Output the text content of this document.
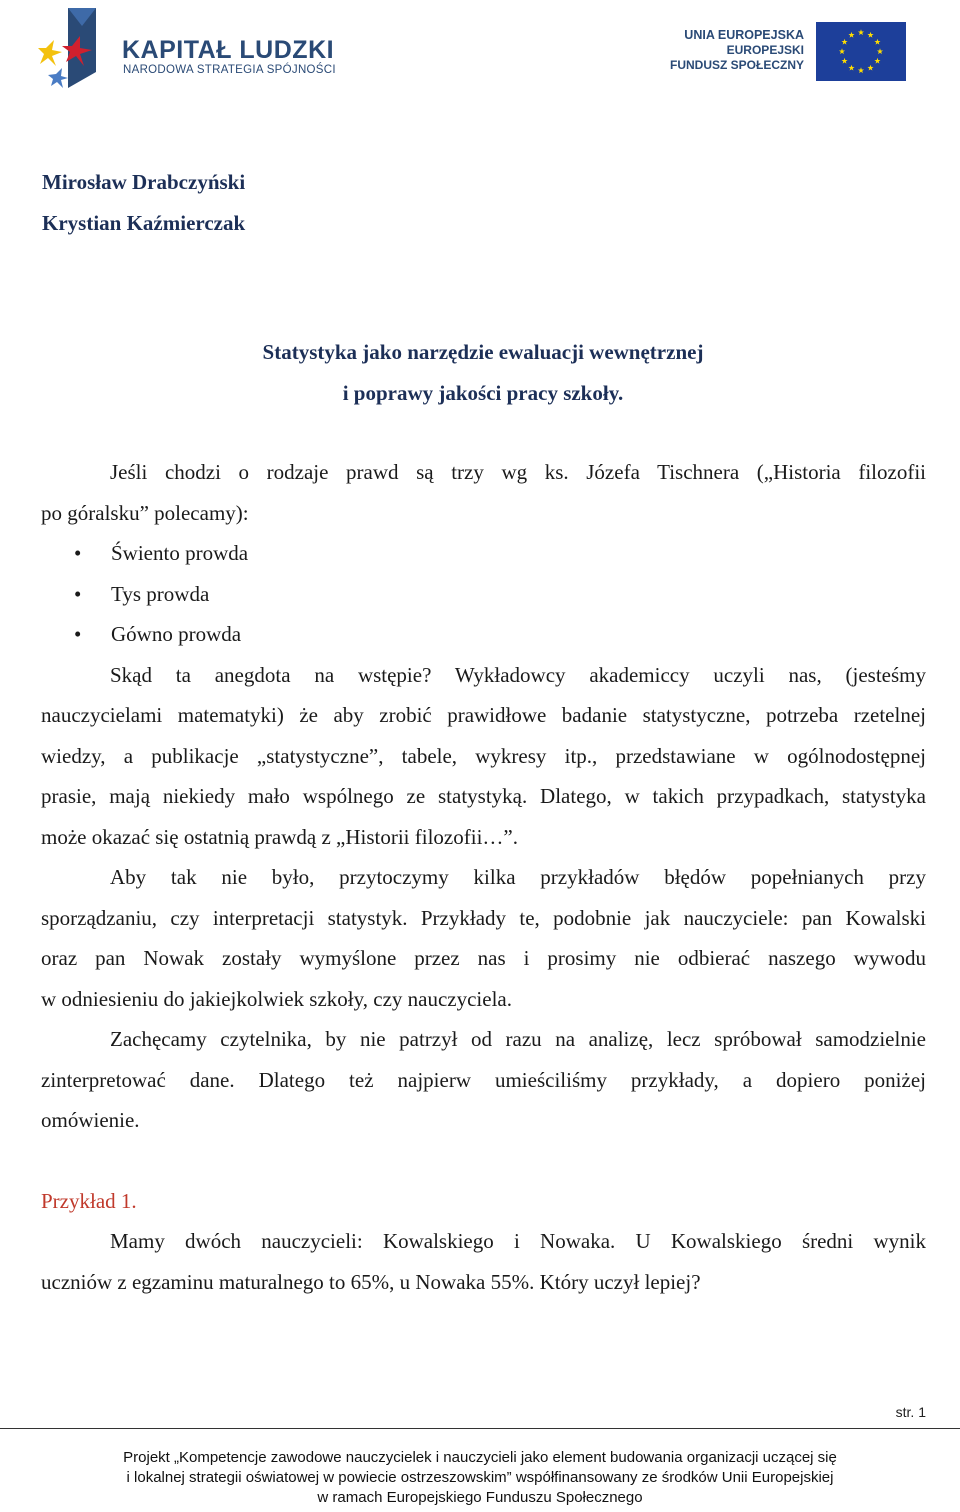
KAPITAŁ LUDZKI
NARODOWA STRATEGIA SPÓJNOŚCI
UNIA EUROPEJSKA
EUROPEJSKI
FUNDUSZ SPOŁECZNY
Mirosław Drabczyński
Krystian Kaźmierczak
Statystyka jako narzędzie ewaluacji wewnętrznej
i poprawy jakości pracy szkoły.
Jeśli chodzi o rodzaje prawd są trzy wg ks. Józefa Tischnera („Historia filozofii
po góralsku” polecamy):
• Świento prowda
• Tys prowda
• Gówno prowda
Skąd ta anegdota na wstępie? Wykładowcy akademiccy uczyli nas, (jesteśmy
nauczycielami matematyki) że aby zrobić prawidłowe badanie statystyczne, potrzeba rzetelnej
wiedzy, a publikacje „statystyczne”, tabele, wykresy itp., przedstawiane w ogólnodostępnej
prasie, mają niekiedy mało wspólnego ze statystyką. Dlatego, w takich przypadkach, statystyka
może okazać się ostatnią prawdą z „Historii filozofii…”.
Aby tak nie było, przytoczymy kilka przykładów błędów popełnianych przy
sporządzaniu, czy interpretacji statystyk. Przykłady te, podobnie jak nauczyciele: pan Kowalski
oraz pan Nowak zostały wymyślone przez nas i prosimy nie odbierać naszego wywodu
w odniesieniu do jakiejkolwiek szkoły, czy nauczyciela.
Zachęcamy czytelnika, by nie patrzył od razu na analizę, lecz spróbował samodzielnie
zinterpretować dane. Dlatego też najpierw umieściliśmy przykłady, a dopiero poniżej
omówienie.
Przykład 1.
Mamy dwóch nauczycieli: Kowalskiego i Nowaka. U Kowalskiego średni wynik
uczniów z egzaminu maturalnego to 65%, u Nowaka 55%. Który uczył lepiej?
str. 1
Projekt „Kompetencje zawodowe nauczycielek i nauczycieli jako element budowania organizacji uczącej się
i lokalnej strategii oświatowej w powiecie ostrzeszowskim” współfinansowany ze środków Unii Europejskiej
w ramach Europejskiego Funduszu Społecznego
